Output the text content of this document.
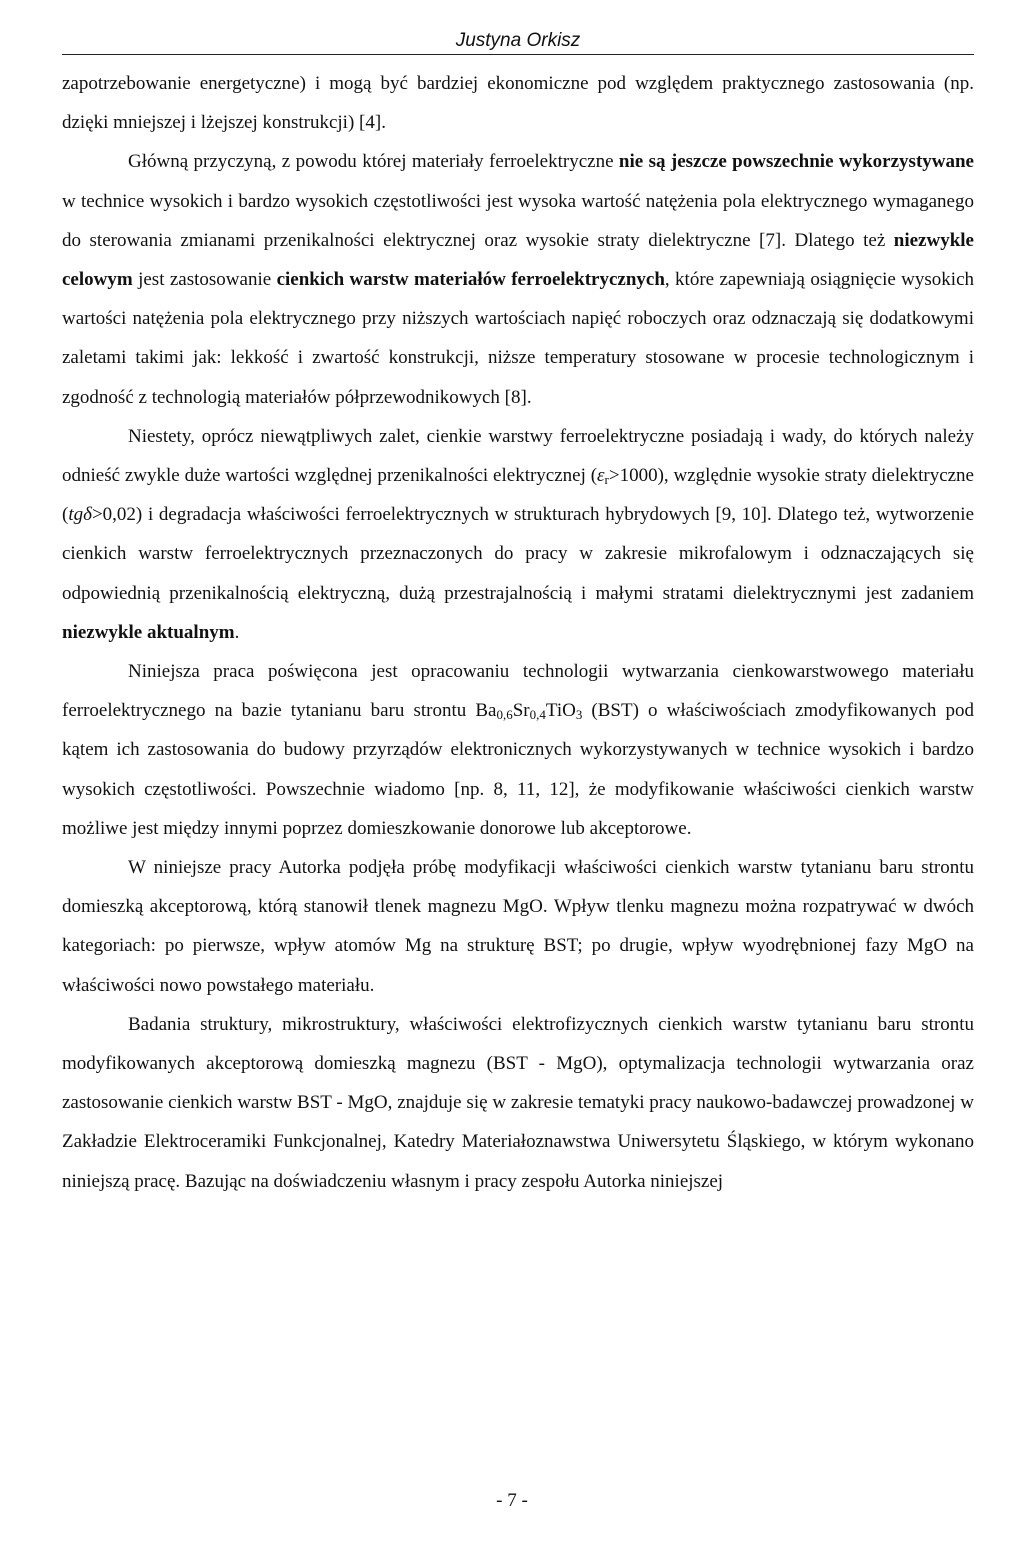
Justyna Orkisz

zapotrzebowanie energetyczne) i mogą być bardziej ekonomiczne pod względem praktycznego zastosowania (np. dzięki mniejszej i lżejszej konstrukcji) [4].

Główną przyczyną, z powodu której materiały ferroelektryczne nie są jeszcze powszechnie wykorzystywane w technice wysokich i bardzo wysokich częstotliwości jest wysoka wartość natężenia pola elektrycznego wymaganego do sterowania zmianami przenikalności elektrycznej oraz wysokie straty dielektryczne [7]. Dlatego też niezwykle celowym jest zastosowanie cienkich warstw materiałów ferroelektrycznych, które zapewniają osiągnięcie wysokich wartości natężenia pola elektrycznego przy niższych wartościach napięć roboczych oraz odznaczają się dodatkowymi zaletami takimi jak: lekkość i zwartość konstrukcji, niższe temperatury stosowane w procesie technologicznym i zgodność z technologią materiałów półprzewodnikowych [8].

Niestety, oprócz niewątpliwych zalet, cienkie warstwy ferroelektryczne posiadają i wady, do których należy odnieść zwykle duże wartości względnej przenikalności elektrycznej $(\varepsilon_r>1000)$, względnie wysokie straty dielektryczne (tgδ>0,02) i degradacja właściwości ferroelektrycznych w strukturach hybrydowych [9, 10]. Dlatego też, wytworzenie cienkich warstw ferroelektrycznych przeznaczonych do pracy w zakresie mikrofalowym i odznaczających się odpowiednią przenikalnością elektryczną, dużą przestrajalnością i małymi stratami dielektrycznymi jest zadaniem niezwykle aktualnym.

Niniejsza praca poświęcona jest opracowaniu technologii wytwarzania cienkowarstwowego materiału ferroelektrycznego na bazie tytanianu baru strontu $Ba_{0,6}Sr_{0,4}TiO_3$ (BST) o właściwościach zmodyfikowanych pod kątem ich zastosowania do budowy przyrządów elektronicznych wykorzystywanych w technice wysokich i bardzo wysokich częstotliwości. Powszechnie wiadomo [np. 8, 11, 12], że modyfikowanie właściwości cienkich warstw możliwe jest między innymi poprzez domieszkowanie donorowe lub akceptorowe.

W niniejsze pracy Autorka podjęła próbę modyfikacji właściwości cienkich warstw tytanianu baru strontu domieszką akceptorową, którą stanowił tlenek magnezu MgO. Wpływ tlenku magnezu można rozpatrywać w dwóch kategoriach: po pierwsze, wpływ atomów Mg na strukturę BST; po drugie, wpływ wyodrębnionej fazy MgO na właściwości nowo powstałego materiału.

Badania struktury, mikrostruktury, właściwości elektrofizycznych cienkich warstw tytanianu baru strontu modyfikowanych akceptorową domieszką magnezu (BST - MgO), optymalizacja technologii wytwarzania oraz zastosowanie cienkich warstw BST - MgO, znajduje się w zakresie tematyki pracy naukowo-badawczej prowadzonej w Zakładzie Elektroceramiki Funkcjonalnej, Katedry Materiałoznawstwa Uniwersytetu Śląskiego, w którym wykonano niniejszą pracę. Bazując na doświadczeniu własnym i pracy zespołu Autorka niniejszej

- 7 -
